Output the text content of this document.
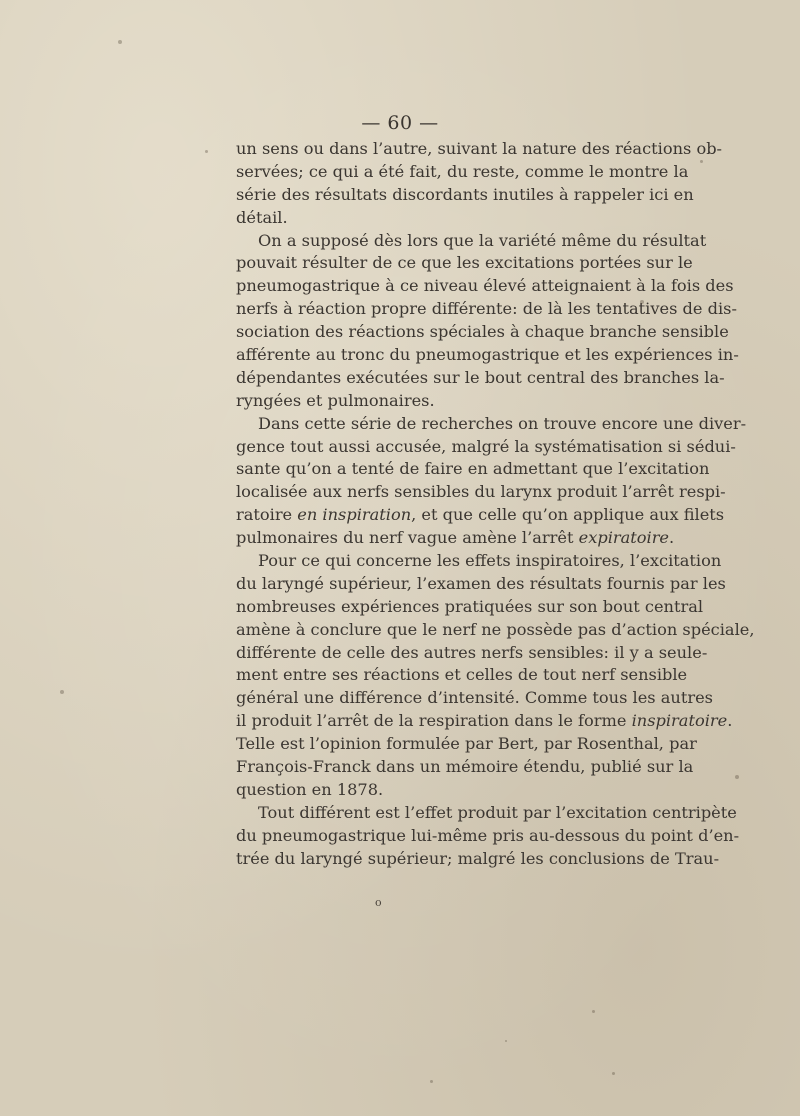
— 60 —
un sens ou dans l’autre, suivant la nature des réactions ob-
servées; ce qui a été fait, du reste, comme le montre la
série des résultats discordants inutiles à rappeler ici en
détail.
On a supposé dès lors que la variété même du résultat
pouvait résulter de ce que les excitations portées sur le
pneumogastrique à ce niveau élevé atteignaient à la fois des
nerfs à réaction propre différente: de là les tentatives de dis-
sociation des réactions spéciales à chaque branche sensible
afférente au tronc du pneumogastrique et les expériences in-
dépendantes exécutées sur le bout central des branches la-
ryngées et pulmonaires.
Dans cette série de recherches on trouve encore une diver-
gence tout aussi accusée, malgré la systématisation si sédui-
sante qu’on a tenté de faire en admettant que l’excitation
localisée aux nerfs sensibles du larynx produit l’arrêt respi-
ratoire en inspiration, et que celle qu’on applique aux filets
pulmonaires du nerf vague amène l’arrêt expiratoire.
Pour ce qui concerne les effets inspiratoires, l’excitation
du laryngé supérieur, l’examen des résultats fournis par les
nombreuses expériences pratiquées sur son bout central
amène à conclure que le nerf ne possède pas d’action spéciale,
différente de celle des autres nerfs sensibles: il y a seule-
ment entre ses réactions et celles de tout nerf sensible
général une différence d’intensité. Comme tous les autres
il produit l’arrêt de la respiration dans le forme inspiratoire.
Telle est l’opinion formulée par Bert, par Rosenthal, par
François-Franck dans un mémoire étendu, publié sur la
question en 1878.
Tout différent est l’effet produit par l’excitation centripète
du pneumogastrique lui-même pris au-dessous du point d’en-
trée du laryngé supérieur; malgré les conclusions de Trau-
o
